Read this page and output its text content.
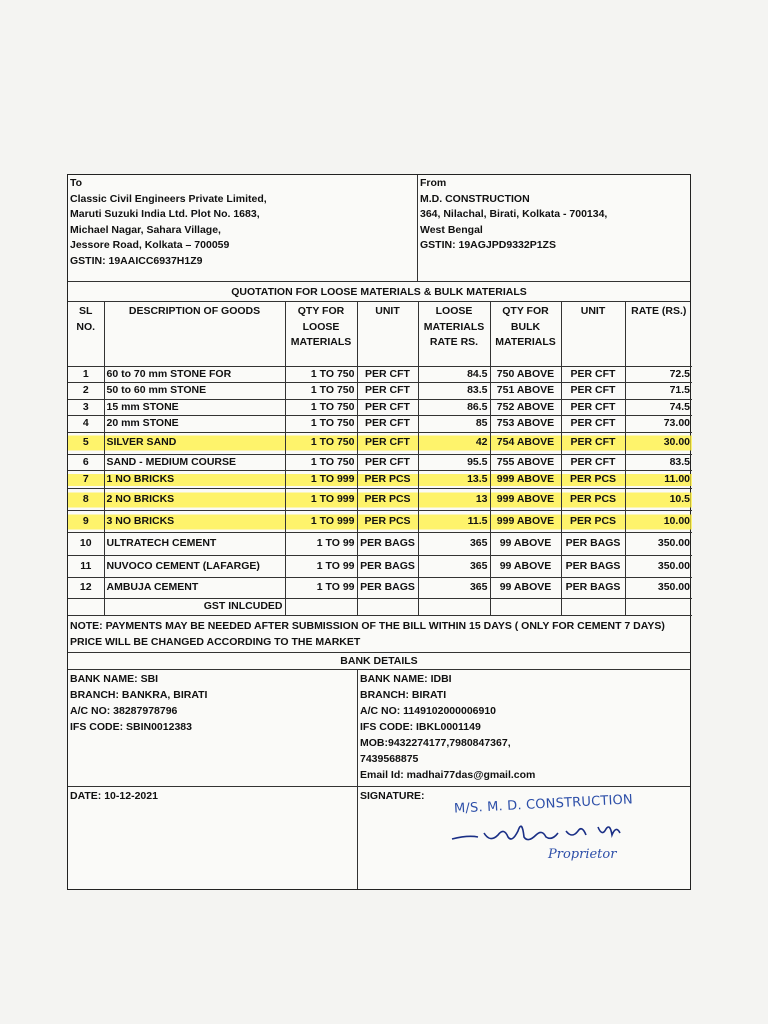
To
Classic Civil Engineers Private Limited,
Maruti Suzuki India Ltd. Plot No. 1683,
Michael Nagar, Sahara Village,
Jessore Road, Kolkata – 700059
GSTIN: 19AAICC6937H1Z9
From
M.D. CONSTRUCTION
364, Nilachal, Birati, Kolkata - 700134,
West Bengal
GSTIN: 19AGJPD9332P1ZS
QUOTATION FOR LOOSE MATERIALS & BULK MATERIALS
SL NO.	DESCRIPTION OF GOODS	QTY FOR LOOSE MATERIALS	UNIT	LOOSE MATERIALS RATE RS.	QTY FOR BULK MATERIALS	UNIT	RATE (RS.)
1	60 to 70 mm STONE FOR	1 TO 750	PER CFT	84.5	750 ABOVE	PER CFT	72.5
2	50 to 60 mm STONE	1 TO 750	PER CFT	83.5	751 ABOVE	PER CFT	71.5
3	15 mm STONE	1 TO 750	PER CFT	86.5	752 ABOVE	PER CFT	74.5
4	20 mm STONE	1 TO 750	PER CFT	85	753 ABOVE	PER CFT	73.00
5	SILVER SAND	1 TO 750	PER CFT	42	754 ABOVE	PER CFT	30.00
6	SAND - MEDIUM COURSE	1 TO 750	PER CFT	95.5	755 ABOVE	PER CFT	83.5
7	1 NO BRICKS	1 TO 999	PER PCS	13.5	999 ABOVE	PER PCS	11.00
8	2 NO BRICKS	1 TO 999	PER PCS	13	999 ABOVE	PER PCS	10.5
9	3 NO BRICKS	1 TO 999	PER PCS	11.5	999 ABOVE	PER PCS	10.00
10	ULTRATECH CEMENT	1 TO 99	PER BAGS	365	99 ABOVE	PER BAGS	350.00
11	NUVOCO CEMENT (LAFARGE)	1 TO 99	PER BAGS	365	99 ABOVE	PER BAGS	350.00
12	AMBUJA CEMENT	1 TO 99	PER BAGS	365	99 ABOVE	PER BAGS	350.00
	GST INLCUDED						
NOTE: PAYMENTS MAY BE NEEDED AFTER SUBMISSION OF THE BILL WITHIN 15 DAYS ( ONLY FOR CEMENT 7 DAYS) PRICE WILL BE CHANGED ACCORDING TO THE MARKET
BANK DETAILS
BANK NAME: SBI
BRANCH: BANKRA, BIRATI
A/C NO: 38287978796
IFS CODE: SBIN0012383
BANK NAME: IDBI
BRANCH: BIRATI
A/C NO: 1149102000006910
IFS CODE: IBKL0001149
MOB:9432274177,7980847367,
7439568875
Email Id: madhai77das@gmail.com
DATE: 10-12-2021	SIGNATURE:	M/S. M. D. CONSTRUCTION
Proprietor
